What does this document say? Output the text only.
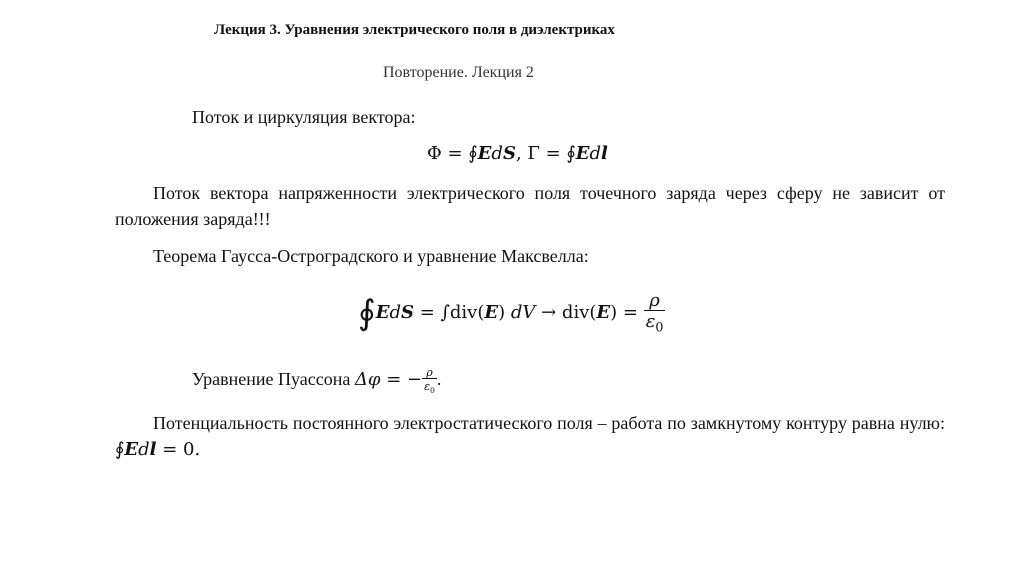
Лекция 3. Уравнения электрического поля в диэлектриках
Повторение. Лекция 2
Поток и циркуляция вектора:
Φ = ∮EdS, Γ = ∮Edl
Поток вектора напряженности электрического поля точечного заряда через сферу не зависит от положения заряда!!!
Теорема Гаусса-Остроградского и уравнение Максвелла:
∮EdS = ∫div(E) dV → $div(E) = \frac{\rho}{\varepsilon_0}$
Уравнение Пуассона Δφ = − $\frac{\rho}{\varepsilon_0}$ .
Потенциальность постоянного электростатического поля – работа по замкнутому контуру равна нулю: ∮Edl = 0.
